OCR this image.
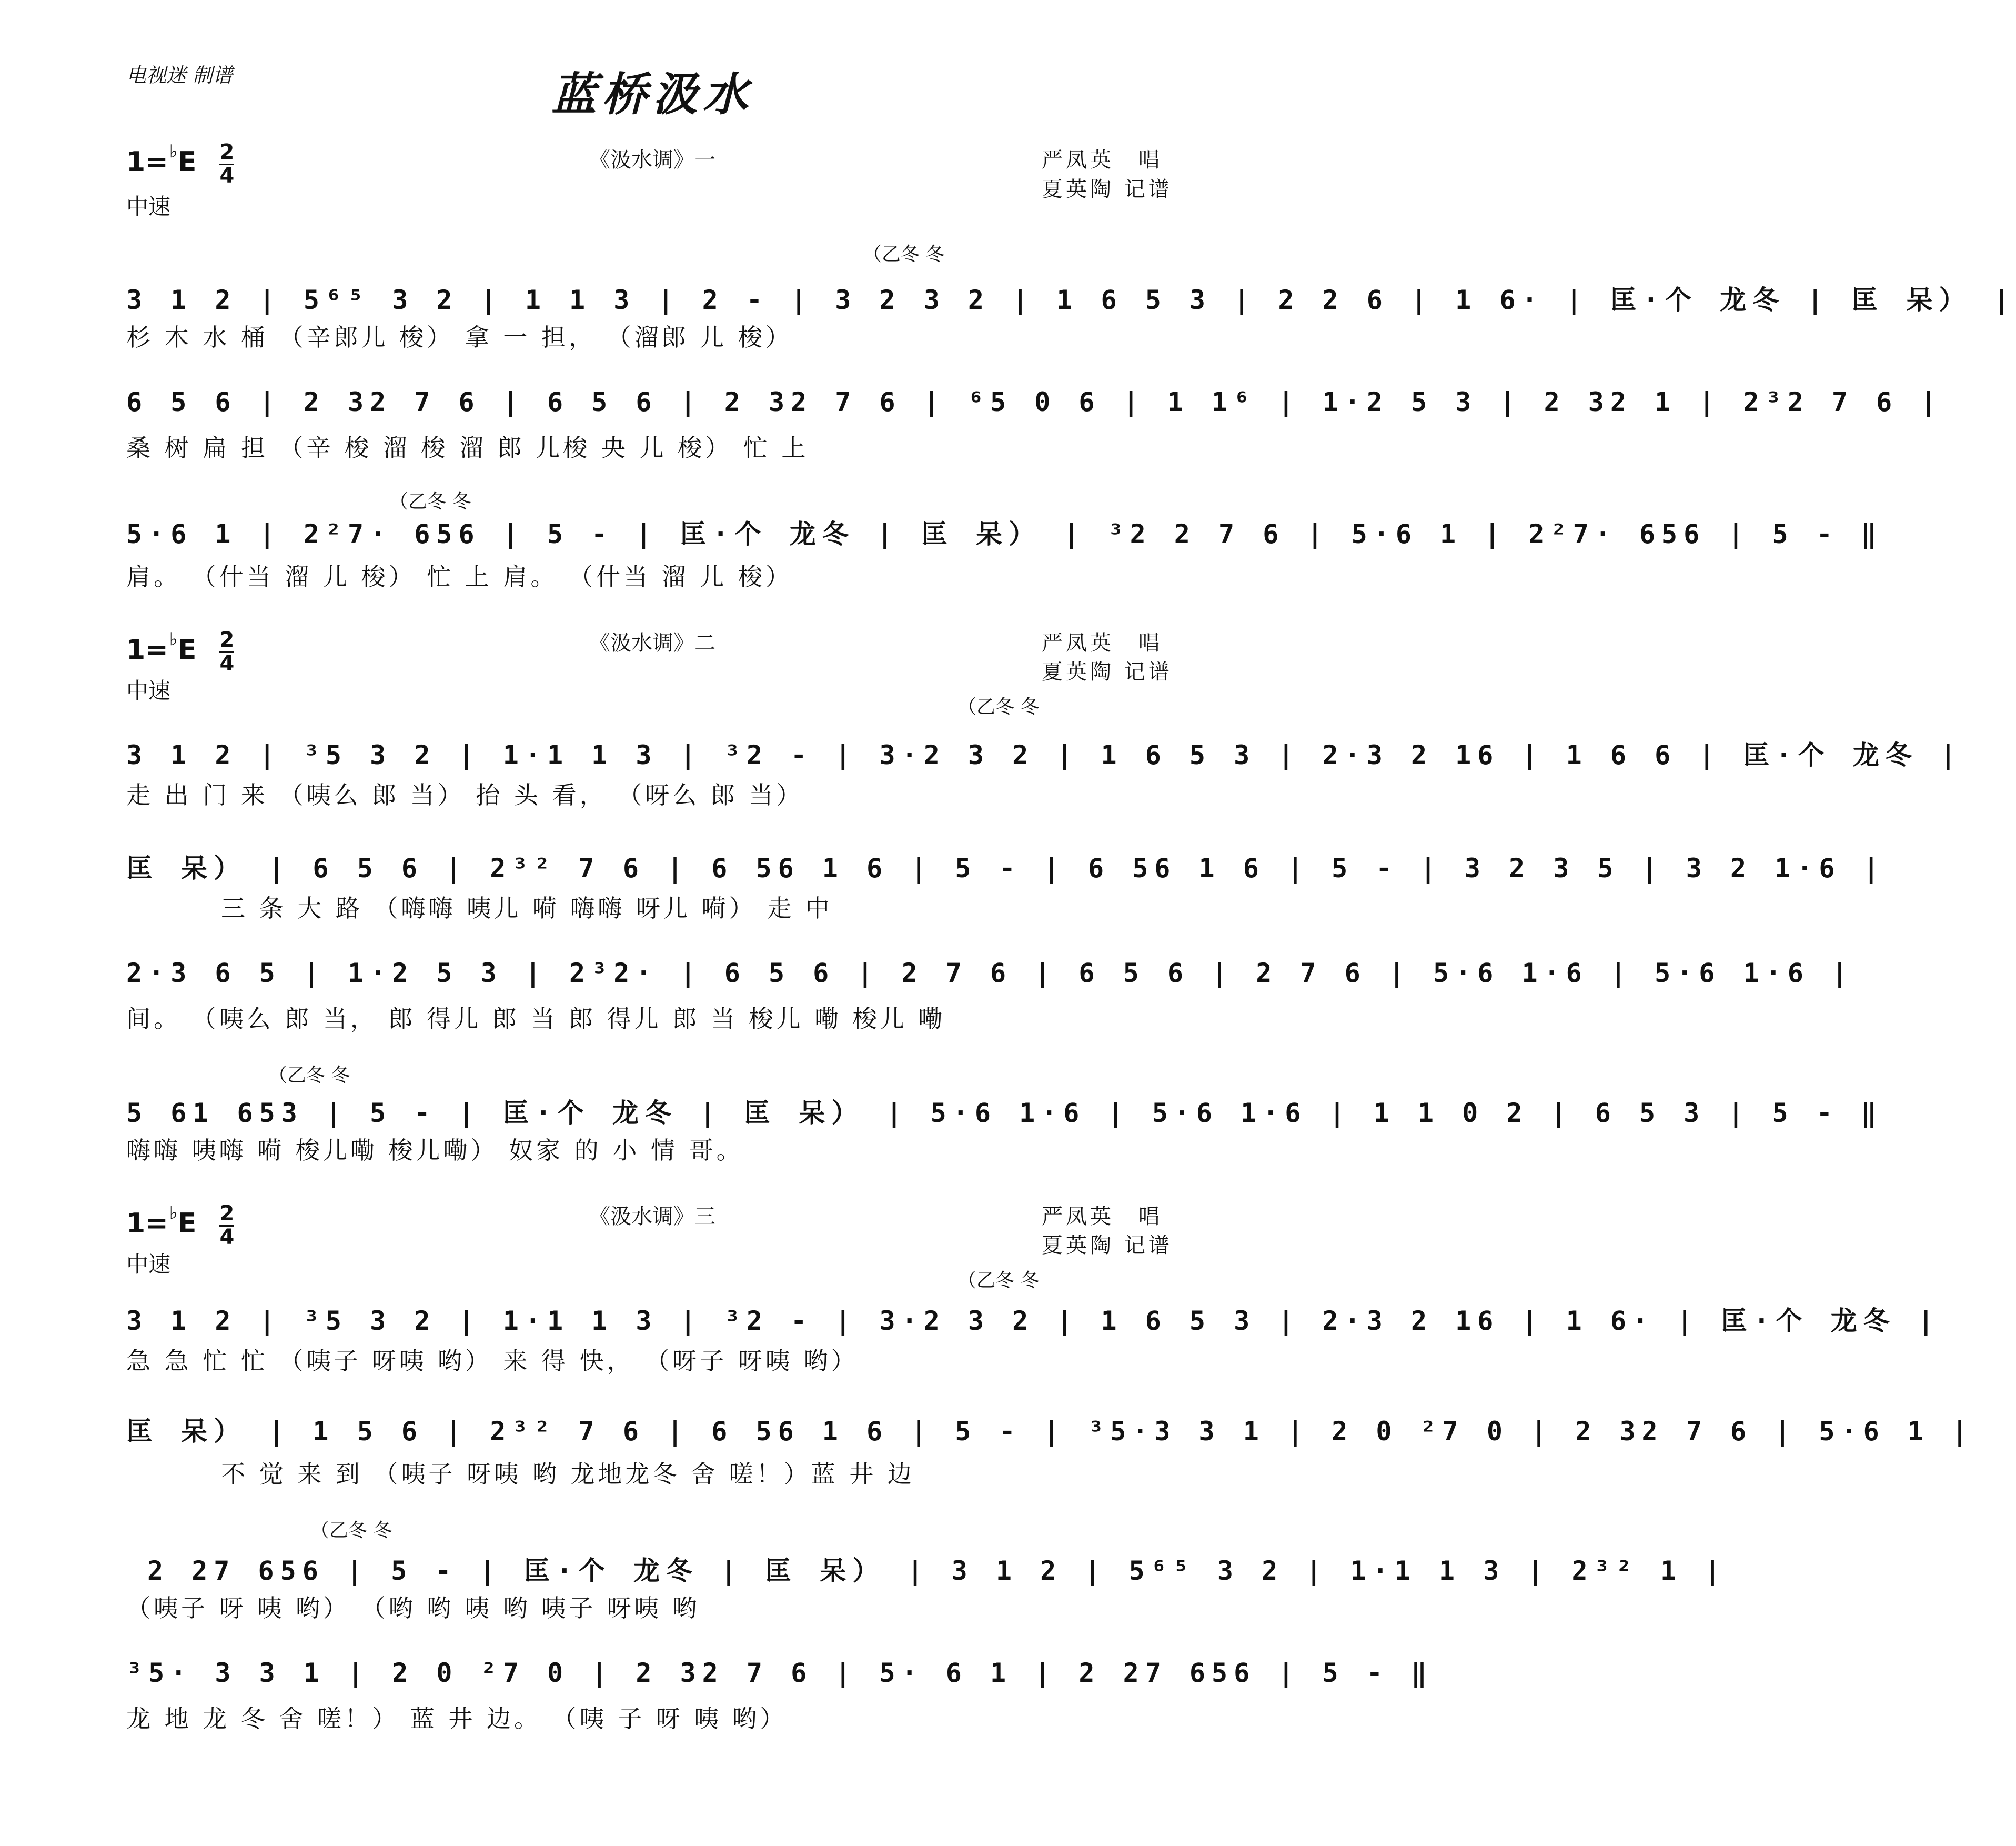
电视迷 制谱	蓝桥汲水
$1=^♭E \frac{2}{4}$
中速
《汲水调》一	严凤英　唱
夏英陶 记谱
（乙冬 冬
3 1 2 | 5⁶⁵ 3 2 | 1 1 3 | 2 - | 3 2 3 2 | 1 6 5 3 | 2 2 6 | 1 6· | 匡·个 龙冬 | 匡 呆） |
杉 木 水 桶 （辛郎儿 梭） 拿 一 担， （溜郎 儿 梭）
6 5 6 | 2 32 7 6 | 6 5 6 | 2 32 7 6 | ⁶5 0 6 | 1 1⁶ | 1·2 5 3 | 2 32 1 | 2³2 7 6 |
桑 树 扁 担 （辛 梭 溜 梭 溜 郎 儿梭 央 儿 梭） 忙 上
（乙冬 冬
5·6 1 | 2²7· 656 | 5 - | 匡·个 龙冬 | 匡 呆） | ³2 2 7 6 | 5·6 1 | 2²7· 656 | 5 - ‖
肩。 （什当 溜 儿 梭） 忙 上 肩。 （什当 溜 儿 梭）
$1=^♭E \frac{2}{4}$
中速
《汲水调》二	严凤英　唱
夏英陶 记谱
（乙冬 冬
3 1 2 | ³5 3 2 | 1·1 1 3 | ³2 - | 3·2 3 2 | 1 6 5 3 | 2·3 2 16 | 1 6 6 | 匡·个 龙冬 |
走 出 门 来 （咦么 郎 当） 抬 头 看， （呀么 郎 当）
匡 呆） | 6 5 6 | 2³² 7 6 | 6 56 1 6 | 5 - | 6 56 1 6 | 5 - | 3 2 3 5 | 3 2 1·6 |
三 条 大 路 （嗨嗨 咦儿 嗬 嗨嗨 呀儿 嗬） 走 中
2·3 6 5 | 1·2 5 3 | 2³2· | 6 5 6 | 2 7 6 | 6 5 6 | 2 7 6 | 5·6 1·6 | 5·6 1·6 |
间。 （咦么 郎 当， 郎 得儿 郎 当 郎 得儿 郎 当 梭儿 嘞 梭儿 嘞
（乙冬 冬
5 61 653 | 5 - | 匡·个 龙冬 | 匡 呆） | 5·6 1·6 | 5·6 1·6 | 1 1 0 2 | 6 5 3 | 5 - ‖
嗨嗨 咦嗨 嗬 梭儿嘞 梭儿嘞） 奴家 的 小 情 哥。
$1=^♭E \frac{2}{4}$
中速
《汲水调》三	严凤英　唱
夏英陶 记谱
（乙冬 冬
3 1 2 | ³5 3 2 | 1·1 1 3 | ³2 - | 3·2 3 2 | 1 6 5 3 | 2·3 2 16 | 1 6· | 匡·个 龙冬 |
急 急 忙 忙 （咦子 呀咦 哟） 来 得 快， （呀子 呀咦 哟）
匡 呆） | 1 5 6 | 2³² 7 6 | 6 56 1 6 | 5 - | ³5·3 3 1 | 2 0 ²7 0 | 2 32 7 6 | 5·6 1 |
不 觉 来 到 （咦子 呀咦 哟 龙地龙冬 舍 嗟！）蓝 井 边
（乙冬 冬
2 27 656 | 5 - | 匡·个 龙冬 | 匡 呆） | 3 1 2 | 5⁶⁵ 3 2 | 1·1 1 3 | 2³² 1 |
（咦子 呀 咦 哟） （哟 哟 咦 哟 咦子 呀咦 哟
³5· 3 3 1 | 2 0 ²7 0 | 2 32 7 6 | 5· 6 1 | 2 27 656 | 5 - ‖
龙 地 龙 冬 舍 嗟！） 蓝 井 边。 （咦 子 呀 咦 哟）
